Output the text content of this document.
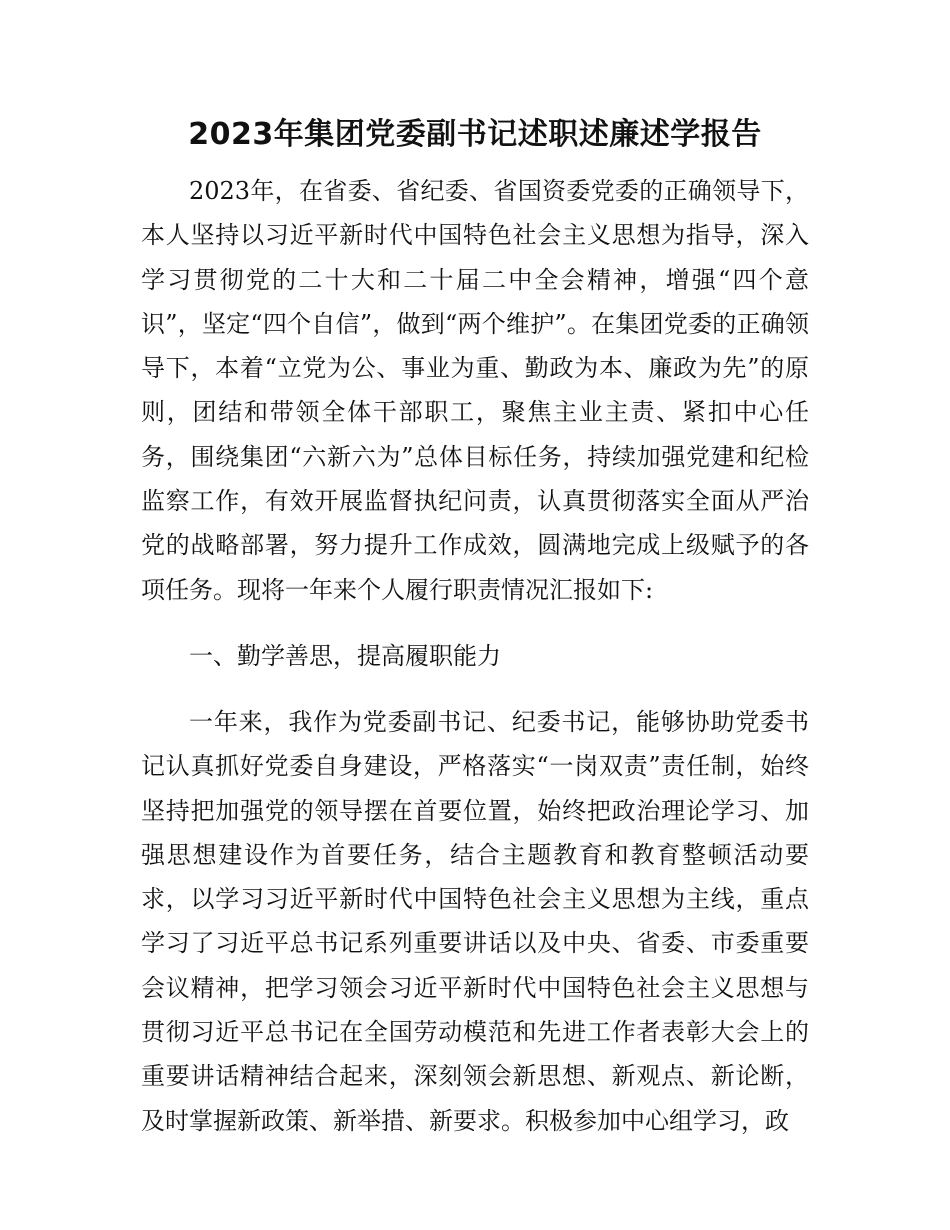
2023年集团党委副书记述职述廉述学报告

2023年，在省委、省纪委、省国资委党委的正确领导下，本人坚持以习近平新时代中国特色社会主义思想为指导，深入学习贯彻党的二十大和二十届二中全会精神，增强“四个意识”，坚定“四个自信”，做到“两个维护”。在集团党委的正确领导下，本着“立党为公、事业为重、勤政为本、廉政为先”的原则，团结和带领全体干部职工，聚焦主业主责、紧扣中心任务，围绕集团“六新六为”总体目标任务，持续加强党建和纪检监察工作，有效开展监督执纪问责，认真贯彻落实全面从严治党的战略部署，努力提升工作成效，圆满地完成上级赋予的各项任务。现将一年来个人履行职责情况汇报如下:

一、勤学善思，提高履职能力

一年来，我作为党委副书记、纪委书记，能够协助党委书记认真抓好党委自身建设，严格落实“一岗双责”责任制，始终坚持把加强党的领导摆在首要位置，始终把政治理论学习、加强思想建设作为首要任务，结合主题教育和教育整顿活动要求，以学习习近平新时代中国特色社会主义思想为主线，重点学习了习近平总书记系列重要讲话以及中央、省委、市委重要会议精神，把学习领会习近平新时代中国特色社会主义思想与贯彻习近平总书记在全国劳动模范和先进工作者表彰大会上的重要讲话精神结合起来，深刻领会新思想、新观点、新论断，及时掌握新政策、新举措、新要求。积极参加中心组学习，政
